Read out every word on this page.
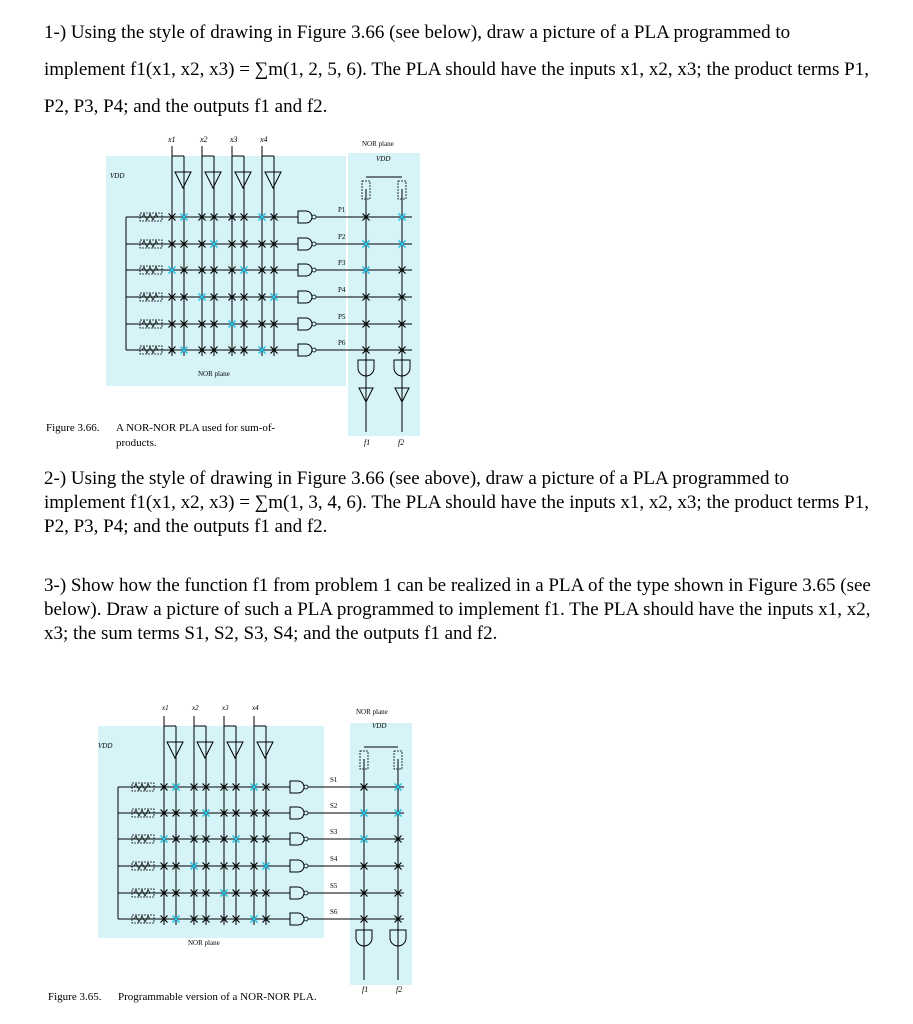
1-) Using the style of drawing in Figure 3.66 (see below), draw a picture of a PLA programmed to implement f1(x1, x2, x3) = ∑m(1, 2, 5, 6). The PLA should have the inputs x1, x2, x3; the product terms P1, P2, P3, P4; and the outputs f1 and f2.

x1	x2	x3	x4
VDD
NOR plane
VDD
P1
P2
P3
P4
P5
P6
NOR plane
f1	f2
Figure 3.66. A NOR-NOR PLA used for sum-of-
products.

2-) Using the style of drawing in Figure 3.66 (see above), draw a picture of a PLA programmed to implement f1(x1, x2, x3) = ∑m(1, 3, 4, 6). The PLA should have the inputs x1, x2, x3; the product terms P1, P2, P3, P4; and the outputs f1 and f2.

3-) Show how the function f1 from problem 1 can be realized in a PLA of the type shown in Figure 3.65 (see below). Draw a picture of such a PLA programmed to implement f1. The PLA should have the inputs x1, x2, x3; the sum terms S1, S2, S3, S4; and the outputs f1 and f2.

x1	x2	x3	x4
VDD
NOR plane
VDD
S1
S2
S3
S4
S5
S6
NOR plane
f1	f2
Figure 3.65. Programmable version of a NOR-NOR PLA.
